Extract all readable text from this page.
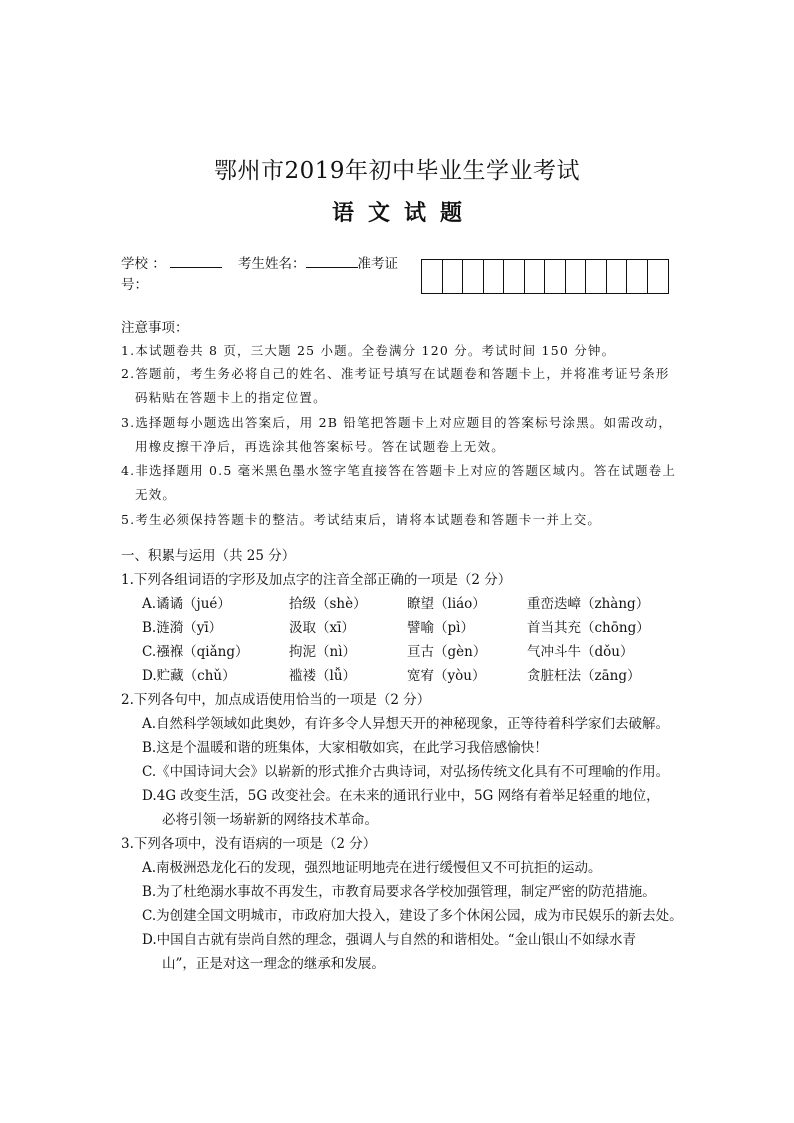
鄂州市2019年初中毕业生学业考试
语文试题
学校 ：	考生姓名：	准考证
号：
注意事项：
1.本试题卷共 8 页，三大题 25 小题。全卷满分 120 分。考试时间 150 分钟。
2.答题前，考生务必将自己的姓名、准考证号填写在试题卷和答题卡上，并将准考证号条形
码粘贴在答题卡上的指定位置。
3.选择题每小题选出答案后，用 2B 铅笔把答题卡上对应题目的答案标号涂黑。如需改动，
用橡皮擦干净后，再选涂其他答案标号。答在试题卷上无效。
4.非选择题用 0.5 毫米黑色墨水签字笔直接答在答题卡上对应的答题区域内。答在试题卷上
无效。
5.考生必须保持答题卡的整洁。考试结束后，请将本试题卷和答题卡一并上交。
一、积累与运用（共 25 分）
1.下列各组词语的字形及加点字的注音全部正确的一项是（2 分）
A.谲谲（jué）	拾级（shè）	瞭望（liáo）	重峦迭嶂（zhàng）
B.涟漪（yī）	汲取（xī）	譬喻（pì）	首当其充（chōng）
C.襁褓（qiǎng）	拘泥（nì）	亘古（gèn）	气冲斗牛（dǒu）
D.贮藏（chǔ）	褴褛（lǚ）	宽宥（yòu）	贪脏枉法（zāng）
2.下列各句中，加点成语使用恰当的一项是（2 分）
A.自然科学领域如此奥妙，有许多令人异想天开的神秘现象，正等待着科学家们去破解。
B.这是个温暖和谐的班集体，大家相敬如宾，在此学习我倍感愉快！
C.《中国诗词大会》以崭新的形式推介古典诗词，对弘扬传统文化具有不可理喻的作用。
D.4G 改变生活，5G 改变社会。在未来的通讯行业中，5G 网络有着举足轻重的地位，
必将引领一场崭新的网络技术革命。
3.下列各项中，没有语病的一项是（2 分）
A.南极洲恐龙化石的发现，强烈地证明地壳在进行缓慢但又不可抗拒的运动。
B.为了杜绝溺水事故不再发生，市教育局要求各学校加强管理，制定严密的防范措施。
C.为创建全国文明城市，市政府加大投入，建设了多个休闲公园，成为市民娱乐的新去处。
D.中国自古就有崇尚自然的理念，强调人与自然的和谐相处。“金山银山不如绿水青
山”，正是对这一理念的继承和发展。
